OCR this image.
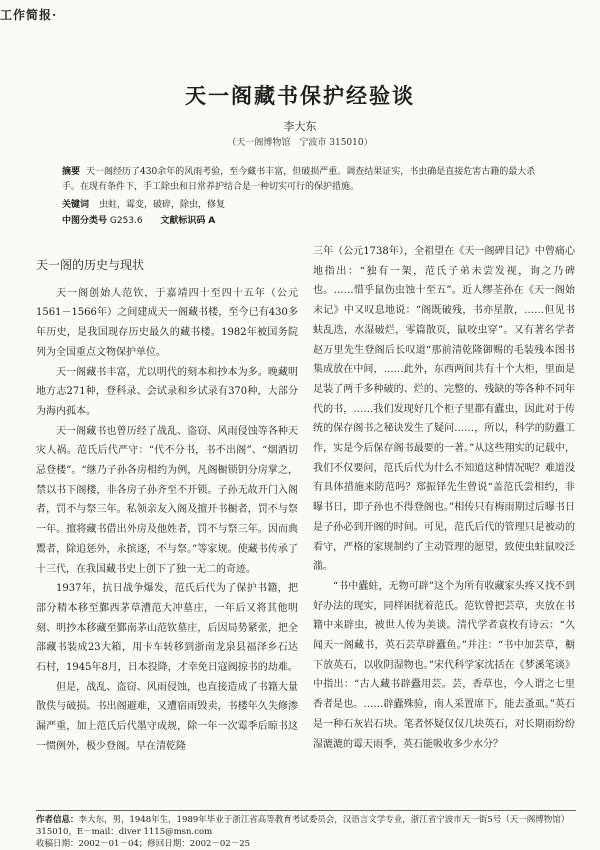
工作简报·
天一阁藏书保护经验谈
李大东
（天一阁博物馆　宁波市 315010）
摘要 天一阁经历了430余年的风雨考验，至今藏书丰富，但破损严重。调查结果证实，书虫确是直接危害古籍的最大杀手。在现有条件下，手工除虫和日常养护结合是一种切实可行的保护措施。
关键词 虫蛀，霉变，破碎，除虫，修复
中图分类号 G253.6 文献标识码 A
天一阁的历史与现状

天一阁创始人范钦，于嘉靖四十至四十五年（公元1561－1566年）之间建成天一阁藏书楼，至今已有430多年历史，是我国现存历史最久的藏书楼。1982年被国务院列为全国重点文物保护单位。

天一阁藏书丰富，尤以明代的刻本和抄本为多。晚藏明地方志271种，登科录、会试录和乡试录有370种，大部分为海内孤本。

天一阁藏书也曾历经了战乱、盗窃、风雨侵蚀等各种天灾人祸。范氏后代严守：“代不分书，书不出阁”、“烟酒切忌登楼”。“继乃子孙各房相约为例，凡阁橱锁钥分房掌之，禁以书下阁楼，非各房子孙齐至不开锁。子孙无故开门入阁者，罚不与祭三年。私领亲友入阁及擅开书橱者，罚不与祭一年。擅将藏书借出外房及他姓者，罚不与祭三年。因而典鬻者，除追惩外，永摈逐，不与祭。”等家规。使藏书传承了十三代，在我国藏书史上创下了独一无二的奇迹。

1937年，抗日战争爆发，范氏后代为了保护书籍，把部分精本移至鄞西茅草漕范大冲墓庄，一年后又将其他明刻、明抄本移藏至鄞南茅山范钦墓庄，后因局势紧张，把全部藏书装成23大箱，用卡车转移到浙南龙泉县福泽乡石达石村，1945年8月，日本投降，才幸免日寇阀掠书的劫难。

但是，战乱、盗窃、风雨侵蚀，也直接造成了书籍大量散佚与破损。书出阁避难，又遭宿雨毁卖，书楼年久失修渗漏严重，加上范氏后代墨守成规，除一年一次霉季后晾书这一惯例外，极少登阁。早在清乾隆

三年（公元1738年），全祖望在《天一阁碑目记》中曾痛心地指出：“独有一架，范氏子弟未尝发视，询之乃碑也。……惜乎鼠伤虫蚀十至五”。近人缪荃孙在《天一阁始末记》中又叹息地说：“阁既破残，书亦星散，……但见书蚨乱迭，水湿破烂，零篇散页，鼠咬虫穿”。又有著名学者赵万里先生登阁后长叹道“那前清乾隆御赐的毛装残本图书集成放在中间，……此外，东西两间共有十个大柜，里面是足装了两千多种破的、烂的、完整的、残缺的等各种不同年代的书，……我们发现好几个柜子里都有蠹虫，因此对于传统的保存阁书之秘诀发生了疑问……，所以，科学的防蠹工作，实是今后保存阁书最要的一著。”从这些翔实的记载中，我们不仅要问，范氏后代为什么不知道这种情况呢？难道没有具体措施来防范吗？郑振铎先生曾说“盖范氏尝相约，非曝书日，即子孙也不得登阁也。”相传只有梅雨期过后曝书日是子孙必到开阁的时间。可见，范氏后代的管理只是被动的看守，严格的家规制约了主动管理的愿望，致使虫蛀鼠咬泛滥。

“书中蠹蛀，无物可辟”这个为所有收藏家头疼又找不到好办法的现实，同样困扰着范氏。范钦曾把芸草，夹放在书籍中来辟虫，被世人传为美谈。清代学者袁枚有诗云：“久闻天一阁藏书，英石芸草辟蠹鱼。”并注：“书中加芸草，橱下放英石，以收阴湿物也。”宋代科学家沈括在《梦溪笔谈》中指出：“古人藏书辟蠹用芸。芸，香草也，今人谓之七里香者是也。……辟蠹殊验，南人采置席下，能去蚤虱。”英石是一种石灰岩石块。笔者怀疑仅仅几块英石，对长期雨纷纷湿漉漉的霉天雨季，英石能吸收多少水分？

作者信息：李大东，男，1948年生，1989年毕业于浙江省高等教育考试委员会，汉语言文学专业，浙江省宁波市天一街5号（天一阁博物馆）315010，E－mail：diver 1115@msn.com
收稿日期：2002－01－04；修回日期：2002－02－25
